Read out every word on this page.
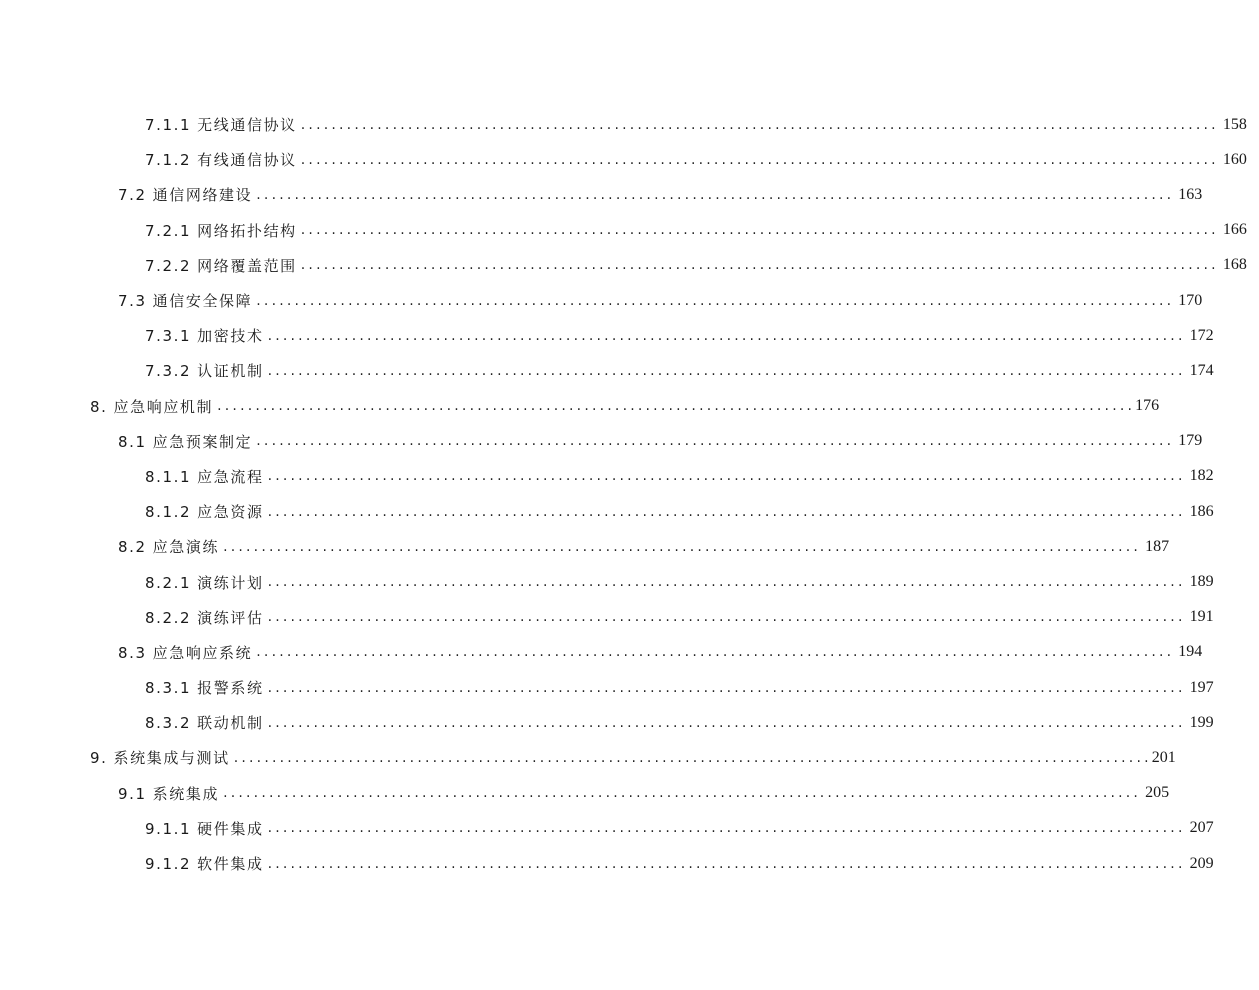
7.1.1 无线通信协议 ........................................................................................................................ 158
7.1.2 有线通信协议 ........................................................................................................................ 160
7.2 通信网络建设 ........................................................................................................................ 163
7.2.1 网络拓扑结构 ........................................................................................................................ 166
7.2.2 网络覆盖范围 ........................................................................................................................ 168
7.3 通信安全保障 ........................................................................................................................ 170
7.3.1 加密技术 ........................................................................................................................ 172
7.3.2 认证机制 ........................................................................................................................ 174
8. 应急响应机制 ........................................................................................................................ 176
8.1 应急预案制定 ........................................................................................................................ 179
8.1.1 应急流程 ........................................................................................................................ 182
8.1.2 应急资源 ........................................................................................................................ 186
8.2 应急演练 ........................................................................................................................ 187
8.2.1 演练计划 ........................................................................................................................ 189
8.2.2 演练评估 ........................................................................................................................ 191
8.3 应急响应系统 ........................................................................................................................ 194
8.3.1 报警系统 ........................................................................................................................ 197
8.3.2 联动机制 ........................................................................................................................ 199
9. 系统集成与测试 ........................................................................................................................ 201
9.1 系统集成 ........................................................................................................................ 205
9.1.1 硬件集成 ........................................................................................................................ 207
9.1.2 软件集成 ........................................................................................................................ 209
